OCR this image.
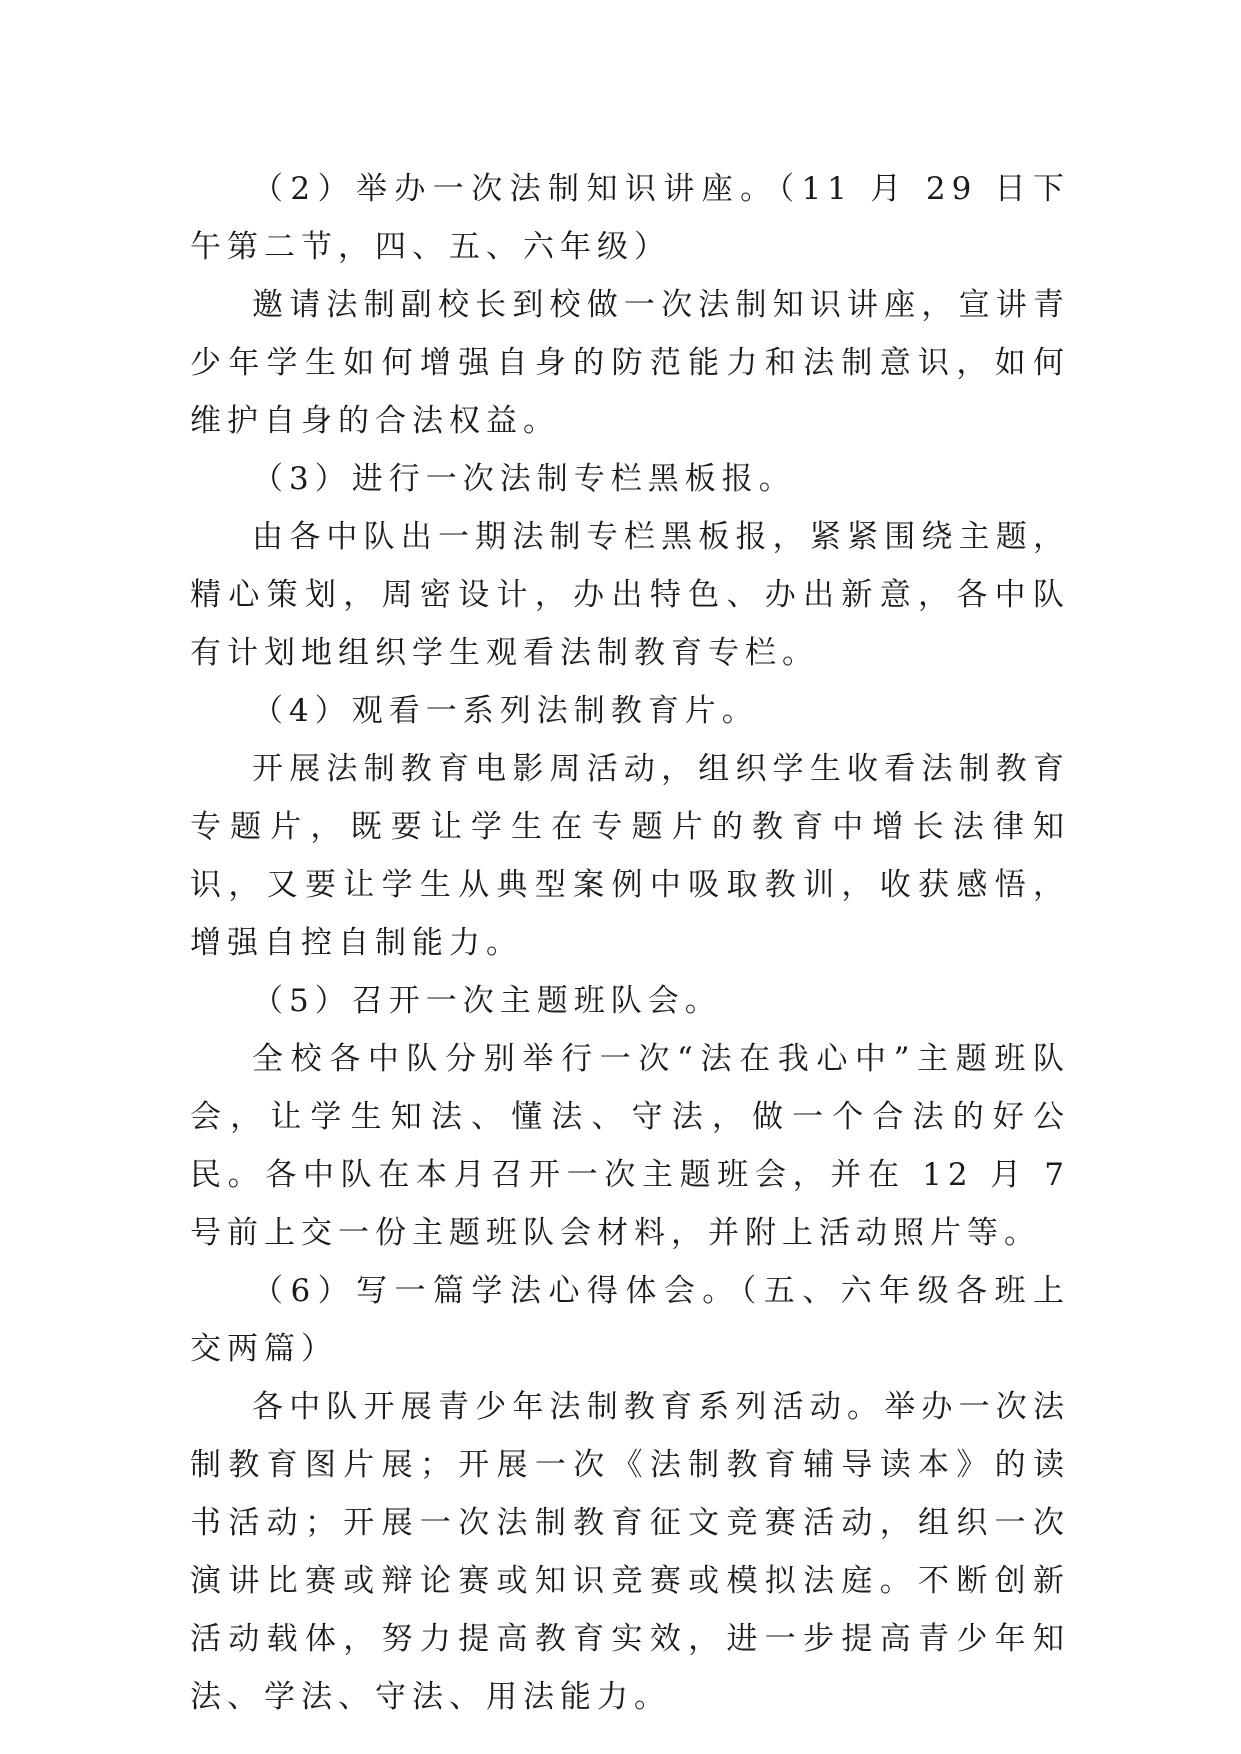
（2）举办一次法制知识讲座。（11 月 29 日下午第二节，四、五、六年级）

邀请法制副校长到校做一次法制知识讲座，宣讲青少年学生如何增强自身的防范能力和法制意识，如何维护自身的合法权益。

（3）进行一次法制专栏黑板报。

由各中队出一期法制专栏黑板报，紧紧围绕主题，精心策划，周密设计，办出特色、办出新意，各中队有计划地组织学生观看法制教育专栏。

（4）观看一系列法制教育片。

开展法制教育电影周活动，组织学生收看法制教育专题片，既要让学生在专题片的教育中增长法律知识，又要让学生从典型案例中吸取教训，收获感悟，增强自控自制能力。

（5）召开一次主题班队会。

全校各中队分别举行一次“法在我心中”主题班队会，让学生知法、懂法、守法，做一个合法的好公民。各中队在本月召开一次主题班会，并在 12 月 7 号前上交一份主题班队会材料，并附上活动照片等。

（6）写一篇学法心得体会。（五、六年级各班上交两篇）

各中队开展青少年法制教育系列活动。举办一次法制教育图片展；开展一次《法制教育辅导读本》的读书活动；开展一次法制教育征文竞赛活动，组织一次演讲比赛或辩论赛或知识竞赛或模拟法庭。不断创新活动载体，努力提高教育实效，进一步提高青少年知法、学法、守法、用法能力。
